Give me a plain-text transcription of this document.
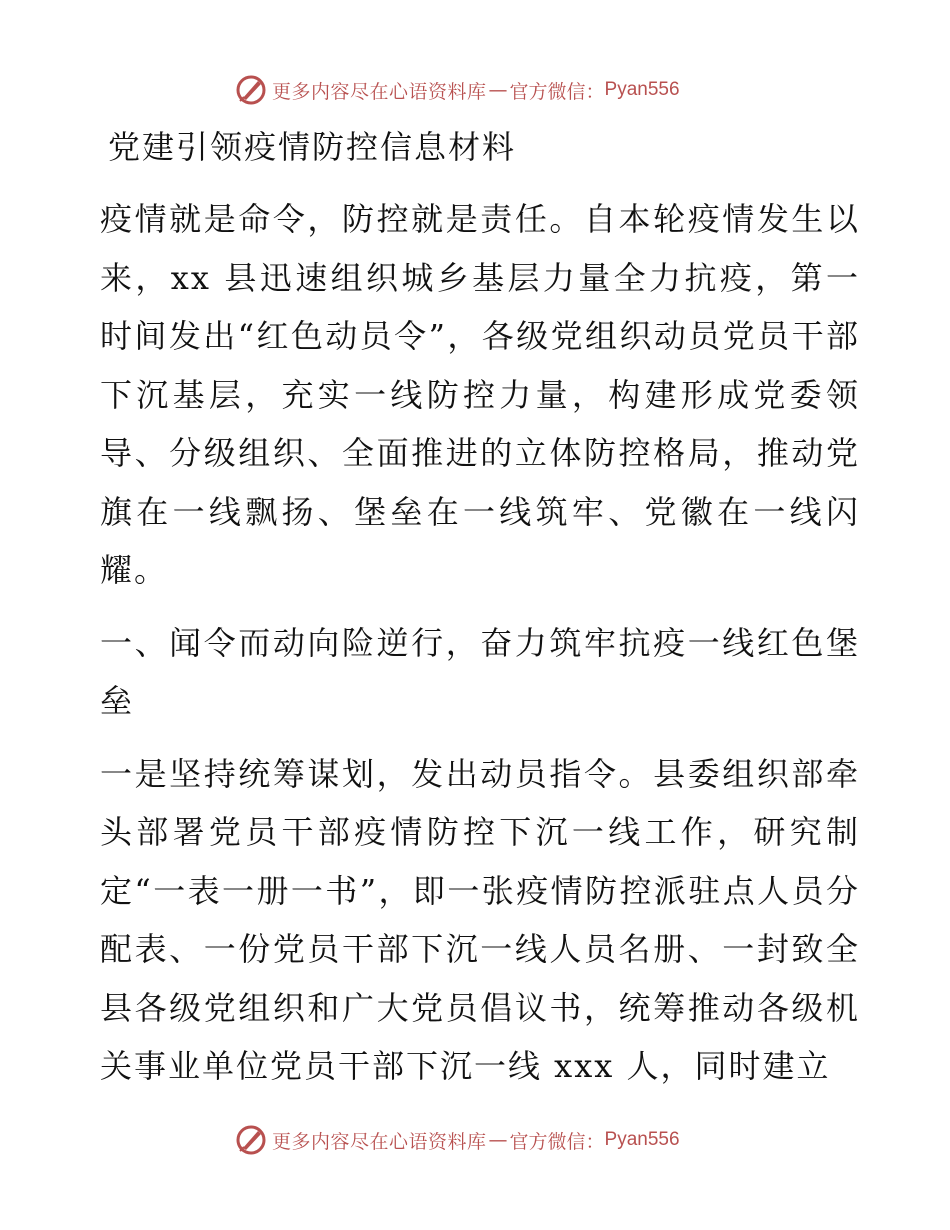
更多内容尽在心语资料库 — 官方微信： Pyan556
党建引领疫情防控信息材料

疫情就是命令，防控就是责任。自本轮疫情发生以来，xx 县迅速组织城乡基层力量全力抗疫，第一时间发出“红色动员令”，各级党组织动员党员干部下沉基层，充实一线防控力量，构建形成党委领导、分级组织、全面推进的立体防控格局，推动党旗在一线飘扬、堡垒在一线筑牢、党徽在一线闪耀。

一、闻令而动向险逆行，奋力筑牢抗疫一线红色堡垒

一是坚持统筹谋划，发出动员指令。县委组织部牵头部署党员干部疫情防控下沉一线工作，研究制定“一表一册一书”，即一张疫情防控派驻点人员分配表、一份党员干部下沉一线人员名册、一封致全县各级党组织和广大党员倡议书，统筹推动各级机关事业单位党员干部下沉一线 xxx 人，同时建立

更多内容尽在心语资料库 — 官方微信： Pyan556
